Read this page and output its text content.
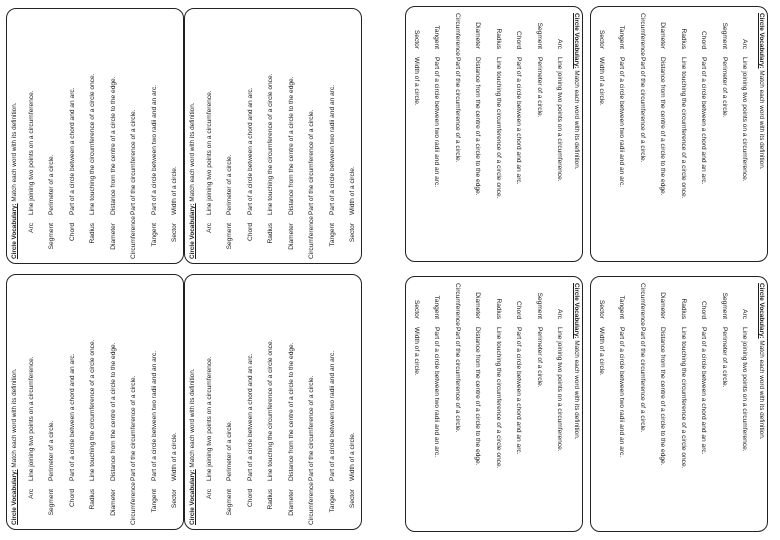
Circle Vocabulary: Match each word with its definition.
Arc
Line joining two points on a circumference.
Segment
Perimeter of a circle.
Chord
Part of a circle between a chord and an arc.
Radius
Line touching the circumference of a circle once.
Diameter
Distance from the centre of a circle to the edge.
Circumference
Part of the circumference of a circle.
Tangent
Part of a circle between two radii and an arc.
Sector
Width of a circle.
Circle Vocabulary: Match each word with its definition.
Arc
Line joining two points on a circumference.
Segment
Perimeter of a circle.
Chord
Part of a circle between a chord and an arc.
Radius
Line touching the circumference of a circle once.
Diameter
Distance from the centre of a circle to the edge.
Circumference
Part of the circumference of a circle.
Tangent
Part of a circle between two radii and an arc.
Sector
Width of a circle.
Circle Vocabulary: Match each word with its definition.
Arc
Line joining two points on a circumference.
Segment
Perimeter of a circle.
Chord
Part of a circle between a chord and an arc.
Radius
Line touching the circumference of a circle once.
Diameter
Distance from the centre of a circle to the edge.
Circumference
Part of the circumference of a circle.
Tangent
Part of a circle between two radii and an arc.
Sector
Width of a circle.
Circle Vocabulary: Match each word with its definition.
Arc
Line joining two points on a circumference.
Segment
Perimeter of a circle.
Chord
Part of a circle between a chord and an arc.
Radius
Line touching the circumference of a circle once.
Diameter
Distance from the centre of a circle to the edge.
Circumference
Part of the circumference of a circle.
Tangent
Part of a circle between two radii and an arc.
Sector
Width of a circle.
Circle Vocabulary: Match each word with its definition.
Arc
Line joining two points on a circumference.
Segment
Perimeter of a circle.
Chord
Part of a circle between a chord and an arc.
Radius
Line touching the circumference of a circle once.
Diameter
Distance from the centre of a circle to the edge.
Circumference
Part of the circumference of a circle.
Tangent
Part of a circle between two radii and an arc.
Sector
Width of a circle.
Circle Vocabulary: Match each word with its definition.
Arc
Line joining two points on a circumference.
Segment
Perimeter of a circle.
Chord
Part of a circle between a chord and an arc.
Radius
Line touching the circumference of a circle once.
Diameter
Distance from the centre of a circle to the edge.
Circumference
Part of the circumference of a circle.
Tangent
Part of a circle between two radii and an arc.
Sector
Width of a circle.
Circle Vocabulary: Match each word with its definition.
Arc
Line joining two points on a circumference.
Segment
Perimeter of a circle.
Chord
Part of a circle between a chord and an arc.
Radius
Line touching the circumference of a circle once.
Diameter
Distance from the centre of a circle to the edge.
Circumference
Part of the circumference of a circle.
Tangent
Part of a circle between two radii and an arc.
Sector
Width of a circle.
Circle Vocabulary: Match each word with its definition.
Arc
Line joining two points on a circumference.
Segment
Perimeter of a circle.
Chord
Part of a circle between a chord and an arc.
Radius
Line touching the circumference of a circle once.
Diameter
Distance from the centre of a circle to the edge.
Circumference
Part of the circumference of a circle.
Tangent
Part of a circle between two radii and an arc.
Sector
Width of a circle.
